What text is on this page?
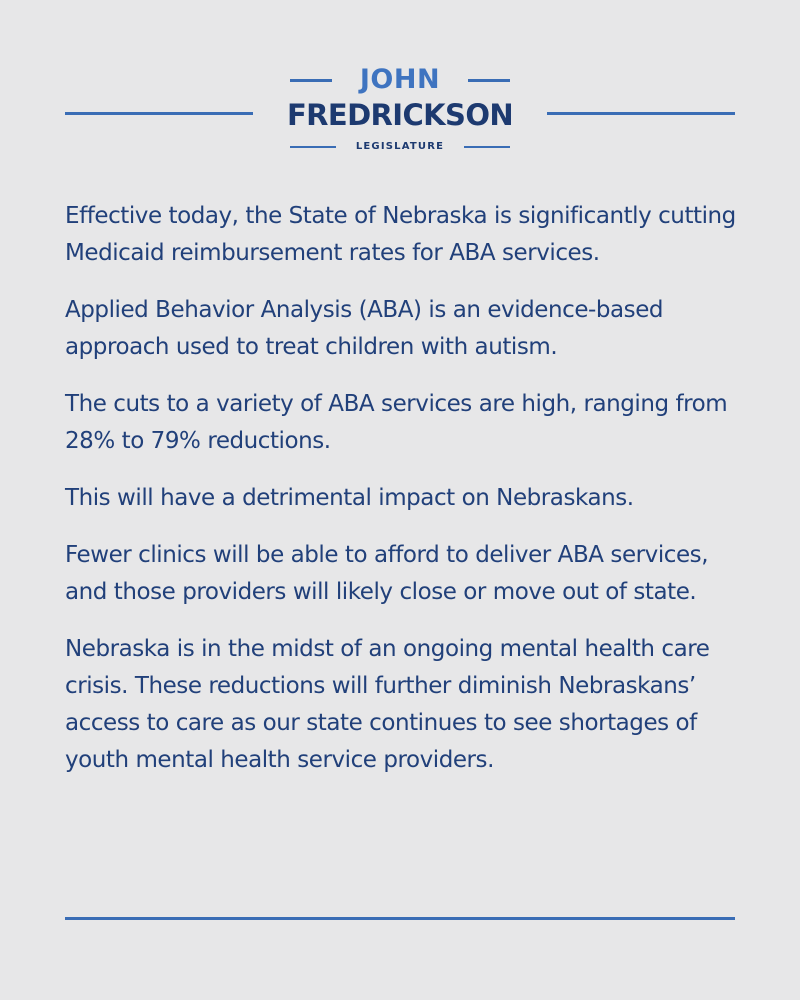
JOHN
FREDRICKSON
LEGISLATURE

Effective today, the State of Nebraska is significantly cutting Medicaid reimbursement rates for ABA services.

Applied Behavior Analysis (ABA) is an evidence-based approach used to treat children with autism.

The cuts to a variety of ABA services are high, ranging from 28% to 79% reductions.

This will have a detrimental impact on Nebraskans.

Fewer clinics will be able to afford to deliver ABA services, and those providers will likely close or move out of state.

Nebraska is in the midst of an ongoing mental health care crisis. These reductions will further diminish Nebraskans’ access to care as our state continues to see shortages of youth mental health service providers.
